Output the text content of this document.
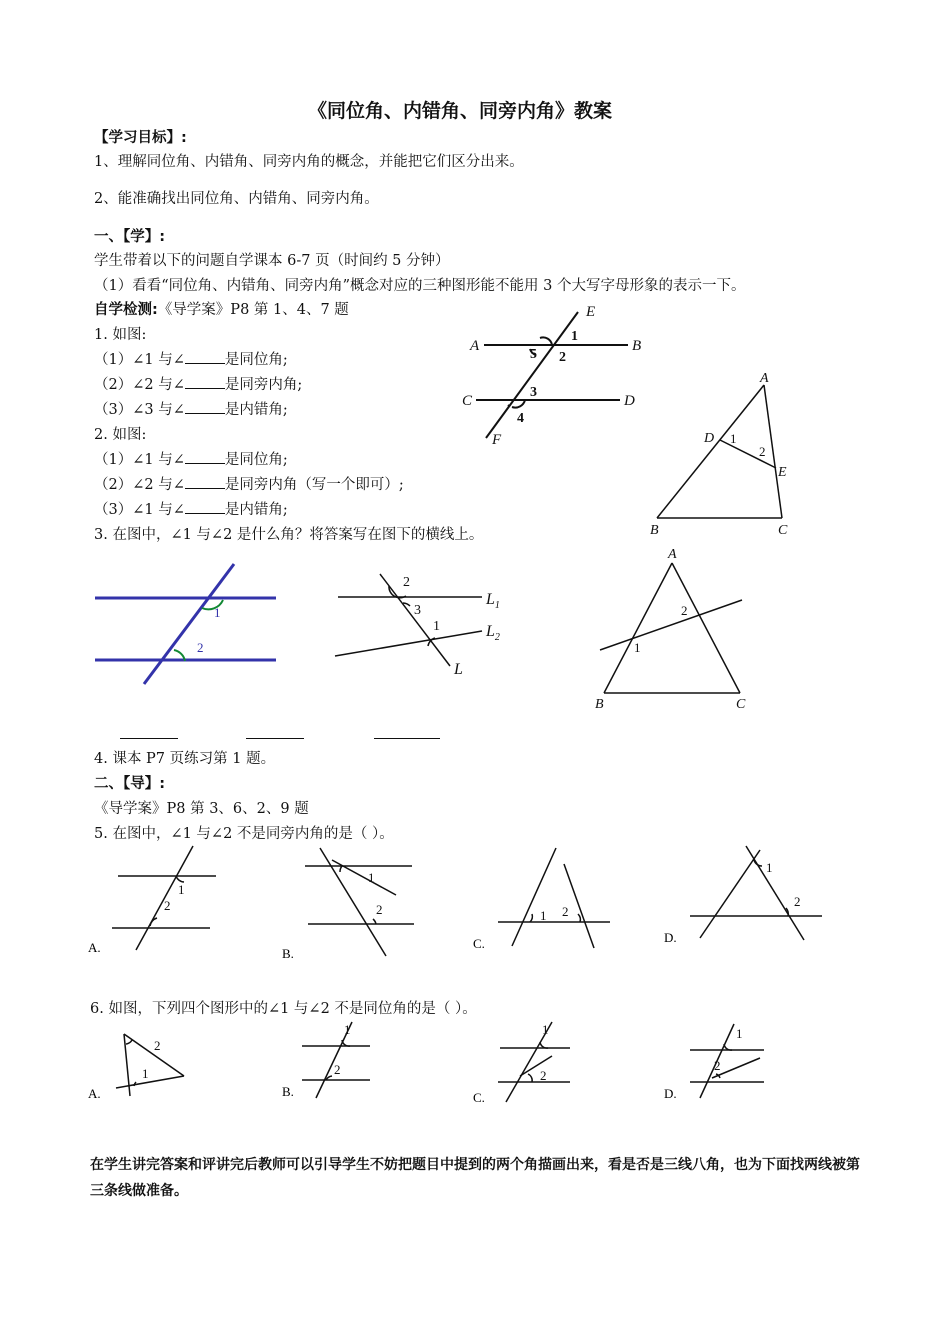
《同位角、内错角、同旁内角》教案
【学习目标】:
1、理解同位角、内错角、同旁内角的概念，并能把它们区分出来。
2、能准确找出同位角、内错角、同旁内角。
一、【学】:
学生带着以下的问题自学课本 6-7 页（时间约 5 分钟）
（1）看看“同位角、内错角、同旁内角”概念对应的三种图形能不能用 3 个大写字母形象的表示一下。
自学检测:《导学案》P8 第 1、4、7 题
1. 如图:
（1）∠1 与∠	是同位角;
（2）∠2 与∠	是同旁内角;
（3）∠3 与∠	是内错角;
2. 如图:
（1）∠1 与∠	是同位角;
（2）∠2 与∠	是同旁内角（写一个即可）;
（3）∠1 与∠	是内错角;
3. 在图中，∠1 与∠2 是什么角？将答案写在图下的横线上。
A	B
C	D
E
F
1
2
5
3
4
A
B	C
D
E
1
2
1
2
2
3
1
$L_1$
$L_2$
L
A
B	C
1
2
4. 课本 P7 页练习第 1 题。
二、【导】:
《导学案》P8 第 3、6、2、9 题
5. 在图中，∠1 与∠2 不是同旁内角的是（ ）。
1
2
A.
1
2
B.
1 2
C.
1
2
D.
6. 如图，下列四个图形中的∠1 与∠2 不是同位角的是（ ）。
2
1
A.
1
2
B.
1
2
C.
1
2
D.
在学生讲完答案和评讲完后教师可以引导学生不妨把题目中提到的两个角描画出来，看是否是三线八角，也为下面找两线被第三条线做准备。
